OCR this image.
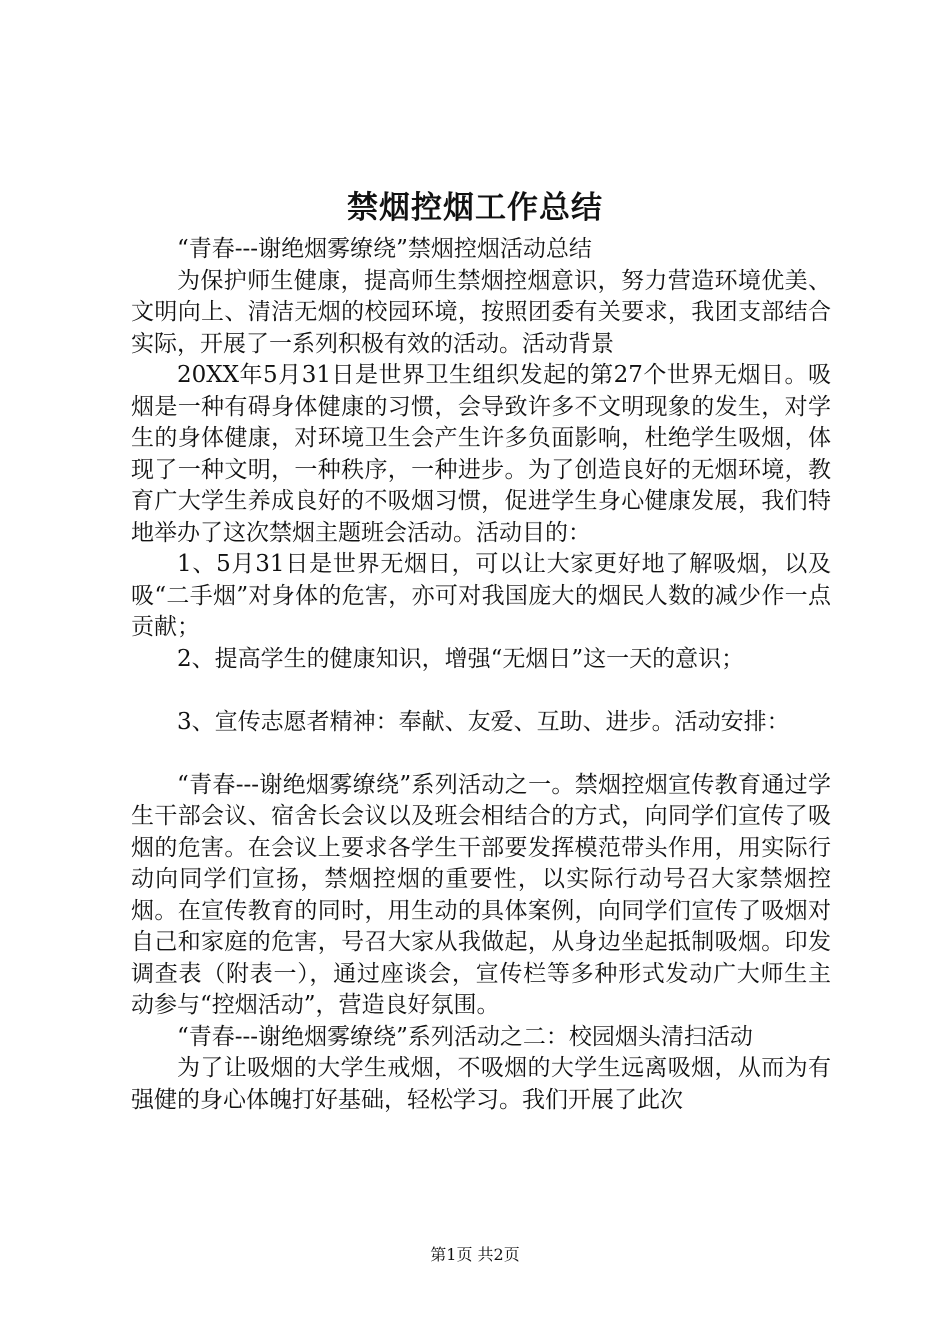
禁烟控烟工作总结

“青春---谢绝烟雾缭绕”禁烟控烟活动总结

为保护师生健康，提高师生禁烟控烟意识，努力营造环境优美、文明向上、清洁无烟的校园环境，按照团委有关要求，我团支部结合实际，开展了一系列积极有效的活动。活动背景

20XX年5月31日是世界卫生组织发起的第27个世界无烟日。吸烟是一种有碍身体健康的习惯，会导致许多不文明现象的发生，对学生的身体健康，对环境卫生会产生许多负面影响，杜绝学生吸烟，体现了一种文明，一种秩序，一种进步。为了创造良好的无烟环境，教育广大学生养成良好的不吸烟习惯，促进学生身心健康发展，我们特地举办了这次禁烟主题班会活动。活动目的：

1、5月31日是世界无烟日，可以让大家更好地了解吸烟，以及吸“二手烟”对身体的危害，亦可对我国庞大的烟民人数的减少作一点贡献；

2、提高学生的健康知识，增强“无烟日”这一天的意识；

3、宣传志愿者精神：奉献、友爱、互助、进步。活动安排：

“青春---谢绝烟雾缭绕”系列活动之一。禁烟控烟宣传教育通过学生干部会议、宿舍长会议以及班会相结合的方式，向同学们宣传了吸烟的危害。在会议上要求各学生干部要发挥模范带头作用，用实际行动向同学们宣扬，禁烟控烟的重要性，以实际行动号召大家禁烟控烟。在宣传教育的同时，用生动的具体案例，向同学们宣传了吸烟对自己和家庭的危害，号召大家从我做起，从身边坐起抵制吸烟。印发调查表（附表一），通过座谈会，宣传栏等多种形式发动广大师生主动参与“控烟活动”，营造良好氛围。

“青春---谢绝烟雾缭绕”系列活动之二：校园烟头清扫活动

为了让吸烟的大学生戒烟，不吸烟的大学生远离吸烟，从而为有强健的身心体魄打好基础，轻松学习。我们开展了此次

第1页 共2页
